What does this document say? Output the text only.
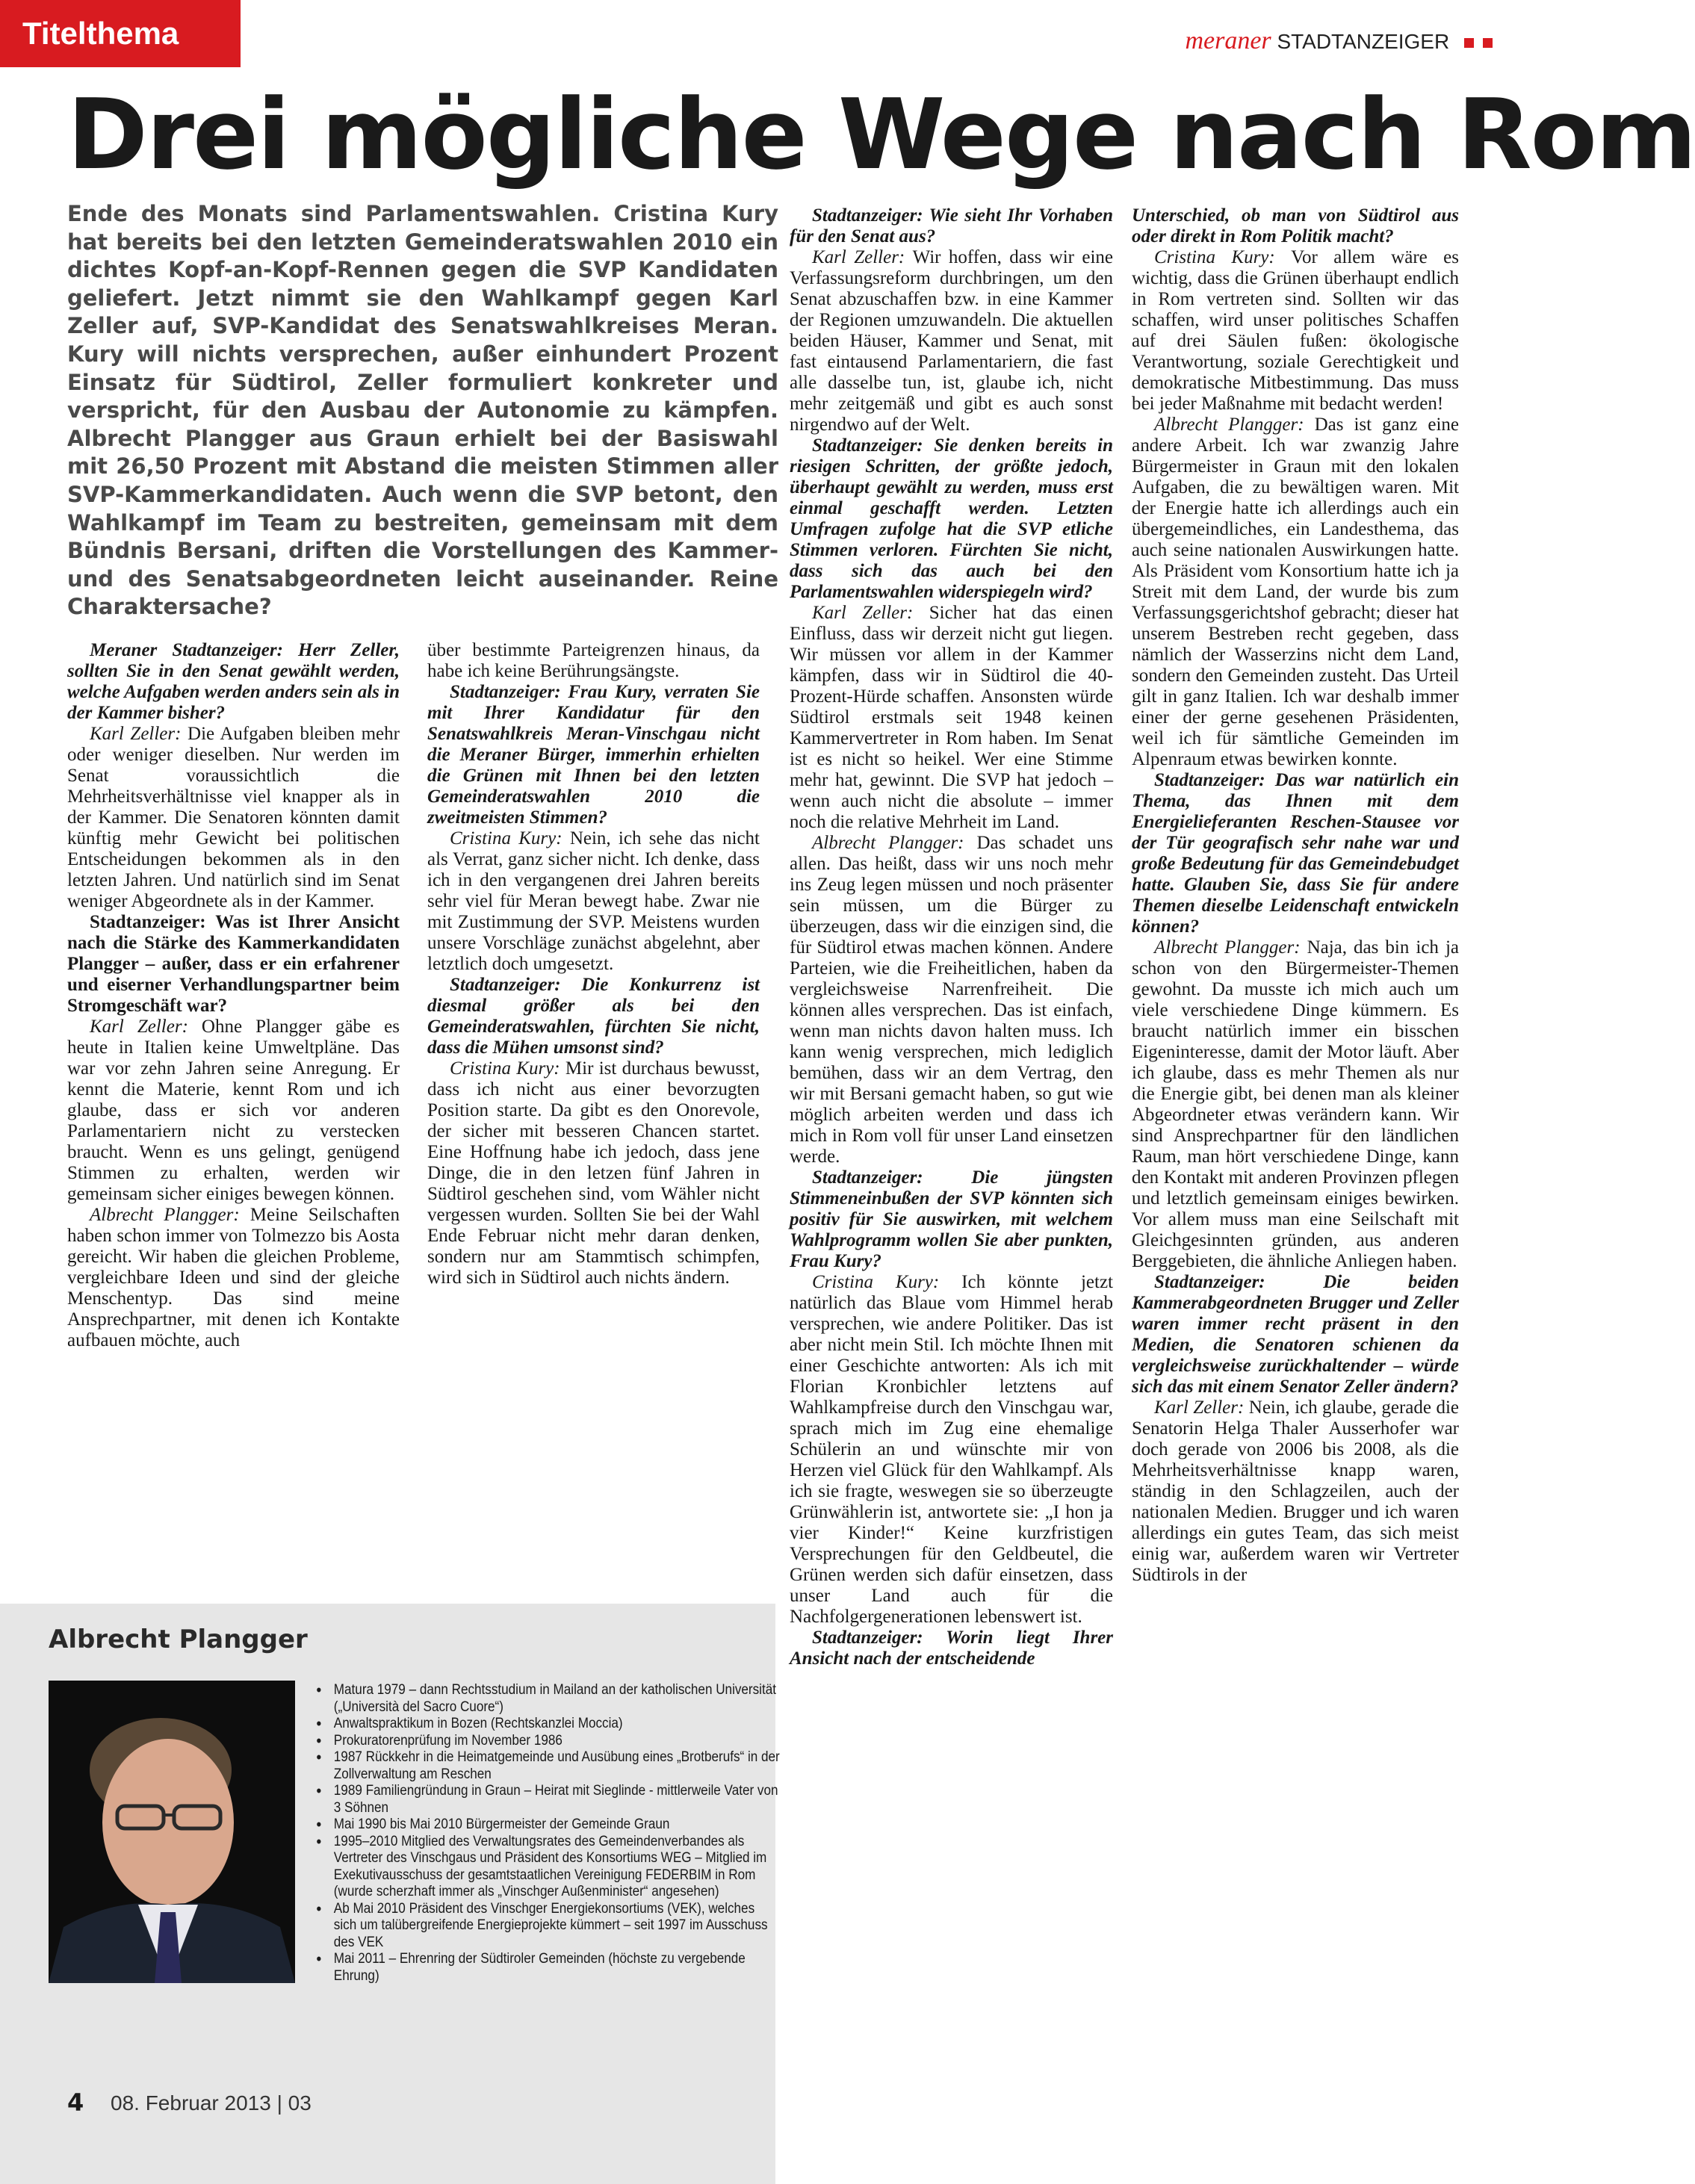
Titelthema	meraner STADTANZEIGER
Drei mögliche Wege nach Rom
Ende des Monats sind Parlamentswahlen. Cristina Kury hat bereits bei den letzten Gemeinderatswahlen 2010 ein dichtes Kopf-an-Kopf-Rennen gegen die SVP Kandidaten geliefert. Jetzt nimmt sie den Wahlkampf gegen Karl Zeller auf, SVP-Kandidat des Senatswahlkreises Meran. Kury will nichts versprechen, außer einhundert Prozent Einsatz für Südtirol, Zeller formuliert konkreter und verspricht, für den Ausbau der Autonomie zu kämpfen. Albrecht Plangger aus Graun erhielt bei der Basiswahl mit 26,50 Prozent mit Abstand die meisten Stimmen aller SVP-Kammerkandidaten. Auch wenn die SVP betont, den Wahlkampf im Team zu bestreiten, gemeinsam mit dem Bündnis Bersani, driften die Vorstellungen des Kammer- und des Senatsabgeordneten leicht auseinander. Reine Charaktersache?

Meraner Stadtanzeiger: Herr Zeller, sollten Sie in den Senat gewählt werden, welche Aufgaben werden anders sein als in der Kammer bisher?

Karl Zeller: Die Aufgaben bleiben mehr oder weniger dieselben. Nur werden im Senat voraussichtlich die Mehrheitsverhältnisse viel knapper als in der Kammer. Die Senatoren könnten damit künftig mehr Gewicht bei politischen Entscheidungen bekommen als in den letzten Jahren. Und natürlich sind im Senat weniger Abgeordnete als in der Kammer.

Stadtanzeiger: Was ist Ihrer Ansicht nach die Stärke des Kammerkandidaten Plangger – außer, dass er ein erfahrener und eiserner Verhandlungspartner beim Stromgeschäft war?

Karl Zeller: Ohne Plangger gäbe es heute in Italien keine Umweltpläne. Das war vor zehn Jahren seine Anregung. Er kennt die Materie, kennt Rom und ich glaube, dass er sich vor anderen Parlamentariern nicht zu verstecken braucht. Wenn es uns gelingt, genügend Stimmen zu erhalten, werden wir gemeinsam sicher einiges bewegen können.

Albrecht Plangger: Meine Seilschaften haben schon immer von Tolmezzo bis Aosta gereicht. Wir haben die gleichen Probleme, vergleichbare Ideen und sind der gleiche Menschentyp. Das sind meine Ansprechpartner, mit denen ich Kontakte aufbauen möchte, auch

über bestimmte Parteigrenzen hinaus, da habe ich keine Berührungsängste.

Stadtanzeiger: Frau Kury, verraten Sie mit Ihrer Kandidatur für den Senatswahlkreis Meran-Vinschgau nicht die Meraner Bürger, immerhin erhielten die Grünen mit Ihnen bei den letzten Gemeinderatswahlen 2010 die zweitmeisten Stimmen?

Cristina Kury: Nein, ich sehe das nicht als Verrat, ganz sicher nicht. Ich denke, dass ich in den vergangenen drei Jahren bereits sehr viel für Meran bewegt habe. Zwar nie mit Zustimmung der SVP. Meistens wurden unsere Vorschläge zunächst abgelehnt, aber letztlich doch umgesetzt.

Stadtanzeiger: Die Konkurrenz ist diesmal größer als bei den Gemeinderatswahlen, fürchten Sie nicht, dass die Mühen umsonst sind?

Cristina Kury: Mir ist durchaus bewusst, dass ich nicht aus einer bevorzugten Position starte. Da gibt es den Onorevole, der sicher mit besseren Chancen startet. Eine Hoffnung habe ich jedoch, dass jene Dinge, die in den letzen fünf Jahren in Südtirol geschehen sind, vom Wähler nicht vergessen wurden. Sollten Sie bei der Wahl Ende Februar nicht mehr daran denken, sondern nur am Stammtisch schimpfen, wird sich in Südtirol auch nichts ändern.

Stadtanzeiger: Wie sieht Ihr Vorhaben für den Senat aus?

Karl Zeller: Wir hoffen, dass wir eine Verfassungsreform durchbringen, um den Senat abzuschaffen bzw. in eine Kammer der Regionen umzuwandeln. Die aktuellen beiden Häuser, Kammer und Senat, mit fast eintausend Parlamentariern, die fast alle dasselbe tun, ist, glaube ich, nicht mehr zeitgemäß und gibt es auch sonst nirgendwo auf der Welt.

Stadtanzeiger: Sie denken bereits in riesigen Schritten, der größte jedoch, überhaupt gewählt zu werden, muss erst einmal geschafft werden. Letzten Umfragen zufolge hat die SVP etliche Stimmen verloren. Fürchten Sie nicht, dass sich das auch bei den Parlamentswahlen widerspiegeln wird?

Karl Zeller: Sicher hat das einen Einfluss, dass wir derzeit nicht gut liegen. Wir müssen vor allem in der Kammer kämpfen, dass wir in Südtirol die 40-Prozent-Hürde schaffen. Ansonsten würde Südtirol erstmals seit 1948 keinen Kammervertreter in Rom haben. Im Senat ist es nicht so heikel. Wer eine Stimme mehr hat, gewinnt. Die SVP hat jedoch – wenn auch nicht die absolute – immer noch die relative Mehrheit im Land.

Albrecht Plangger: Das schadet uns allen. Das heißt, dass wir uns noch mehr ins Zeug legen müssen und noch präsenter sein müssen, um die Bürger zu überzeugen, dass wir die einzigen sind, die für Südtirol etwas machen können. Andere Parteien, wie die Freiheitlichen, haben da vergleichsweise Narrenfreiheit. Die können alles versprechen. Das ist einfach, wenn man nichts davon halten muss. Ich kann wenig versprechen, mich lediglich bemühen, dass wir an dem Vertrag, den wir mit Bersani gemacht haben, so gut wie möglich arbeiten werden und dass ich mich in Rom voll für unser Land einsetzen werde.

Stadtanzeiger: Die jüngsten Stimmeneinbußen der SVP könnten sich positiv für Sie auswirken, mit welchem Wahlprogramm wollen Sie aber punkten, Frau Kury?

Cristina Kury: Ich könnte jetzt natürlich das Blaue vom Himmel herab versprechen, wie andere Politiker. Das ist aber nicht mein Stil. Ich möchte Ihnen mit einer Geschichte antworten: Als ich mit Florian Kronbichler letztens auf Wahlkampfreise durch den Vinschgau war, sprach mich im Zug eine ehemalige Schülerin an und wünschte mir von Herzen viel Glück für den Wahlkampf. Als ich sie fragte, weswegen sie so überzeugte Grünwählerin ist, antwortete sie: „I hon ja vier Kinder!“ Keine kurzfristigen Versprechungen für den Geldbeutel, die Grünen werden sich dafür einsetzen, dass unser Land auch für die Nachfolgergenerationen lebenswert ist.

Stadtanzeiger: Worin liegt Ihrer Ansicht nach der entscheidende

Unterschied, ob man von Südtirol aus oder direkt in Rom Politik macht?

Cristina Kury: Vor allem wäre es wichtig, dass die Grünen überhaupt endlich in Rom vertreten sind. Sollten wir das schaffen, wird unser politisches Schaffen auf drei Säulen fußen: ökologische Verantwortung, soziale Gerechtigkeit und demokratische Mitbestimmung. Das muss bei jeder Maßnahme mit bedacht werden!

Albrecht Plangger: Das ist ganz eine andere Arbeit. Ich war zwanzig Jahre Bürgermeister in Graun mit den lokalen Aufgaben, die zu bewältigen waren. Mit der Energie hatte ich allerdings auch ein übergemeindliches, ein Landesthema, das auch seine nationalen Auswirkungen hatte. Als Präsident vom Konsortium hatte ich ja Streit mit dem Land, der wurde bis zum Verfassungsgerichtshof gebracht; dieser hat unserem Bestreben recht gegeben, dass nämlich der Wasserzins nicht dem Land, sondern den Gemeinden zusteht. Das Urteil gilt in ganz Italien. Ich war deshalb immer einer der gerne gesehenen Präsidenten, weil ich für sämtliche Gemeinden im Alpenraum etwas bewirken konnte.

Stadtanzeiger: Das war natürlich ein Thema, das Ihnen mit dem Energielieferanten Reschen-Stausee vor der Tür geografisch sehr nahe war und große Bedeutung für das Gemeindebudget hatte. Glauben Sie, dass Sie für andere Themen dieselbe Leidenschaft entwickeln können?

Albrecht Plangger: Naja, das bin ich ja schon von den Bürgermeister-Themen gewohnt. Da musste ich mich auch um viele verschiedene Dinge kümmern. Es braucht natürlich immer ein bisschen Eigeninteresse, damit der Motor läuft. Aber ich glaube, dass es mehr Themen als nur die Energie gibt, bei denen man als kleiner Abgeordneter etwas verändern kann. Wir sind Ansprechpartner für den ländlichen Raum, man hört verschiedene Dinge, kann den Kontakt mit anderen Provinzen pflegen und letztlich gemeinsam einiges bewirken. Vor allem muss man eine Seilschaft mit Gleichgesinnten gründen, aus anderen Berggebieten, die ähnliche Anliegen haben.

Stadtanzeiger: Die beiden Kammerabgeordneten Brugger und Zeller waren immer recht präsent in den Medien, die Senatoren schienen da vergleichsweise zurückhaltender – würde sich das mit einem Senator Zeller ändern?

Karl Zeller: Nein, ich glaube, gerade die Senatorin Helga Thaler Ausserhofer war doch gerade von 2006 bis 2008, als die Mehrheitsverhältnisse knapp waren, ständig in den Schlagzeilen, auch der nationalen Medien. Brugger und ich waren allerdings ein gutes Team, das sich meist einig war, außerdem waren wir Vertreter Südtirols in der

Albrecht Plangger
• Matura 1979 – dann Rechtsstudium in Mailand an der katholischen Universität („Università del Sacro Cuore“)
• Anwaltspraktikum in Bozen (Rechtskanzlei Moccia)
• Prokuratorenprüfung im November 1986
• 1987 Rückkehr in die Heimatgemeinde und Ausübung eines „Brotberufs“ in der Zollverwaltung am Reschen
• 1989 Familiengründung in Graun – Heirat mit Sieglinde - mittlerweile Vater von 3 Söhnen
• Mai 1990 bis Mai 2010 Bürgermeister der Gemeinde Graun
• 1995–2010 Mitglied des Verwaltungsrates des Gemeindenverbandes als Vertreter des Vinschgaus und Präsident des Konsortiums WEG – Mitglied im Exekutivausschuss der gesamtstaatlichen Vereinigung FEDERBIM in Rom (wurde scherzhaft immer als „Vinschger Außenminister“ angesehen)
• Ab Mai 2010 Präsident des Vinschger Energiekonsortiums (VEK), welches sich um talübergreifende Energieprojekte kümmert – seit 1997 im Ausschuss des VEK
• Mai 2011 – Ehrenring der Südtiroler Gemeinden (höchste zu vergebende Ehrung)
4 08. Februar 2013 | 03
